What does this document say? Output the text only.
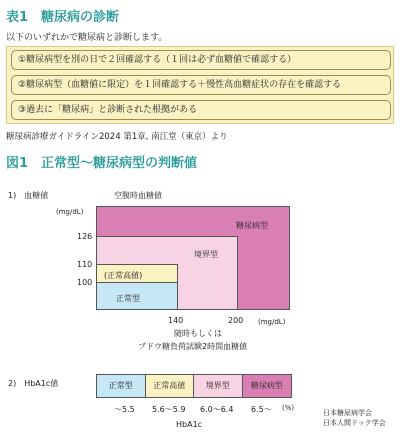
表1　糖尿病の診断
以下のいずれかで糖尿病と診断します。
①糖尿病型を別の日で２回確認する（１回は必ず血糖値で確認する）
②糖尿病型（血糖値に限定）を１回確認する＋慢性高血糖症状の存在を確認する
③過去に「糖尿病」と診断された根拠がある
糖尿病診療ガイドライン2024 第1章, 南江堂（東京）より
図1　正常型〜糖尿病型の判断値
1)　血糖値	空腹時血糖値
(mg/dL)
糖尿病型
境界型
(正常高値)
正常型
126
110
100
140	200 (mg/dL)
随時もしくは
ブドウ糖負荷試験2時間血糖値
2)　HbA1c値	正常型	正常高値	境界型	糖尿病型
〜5.5 5.6〜5.9 6.0〜6.4 6.5〜 (%)
HbA1c
日本糖尿病学会
日本人間ドック学会
